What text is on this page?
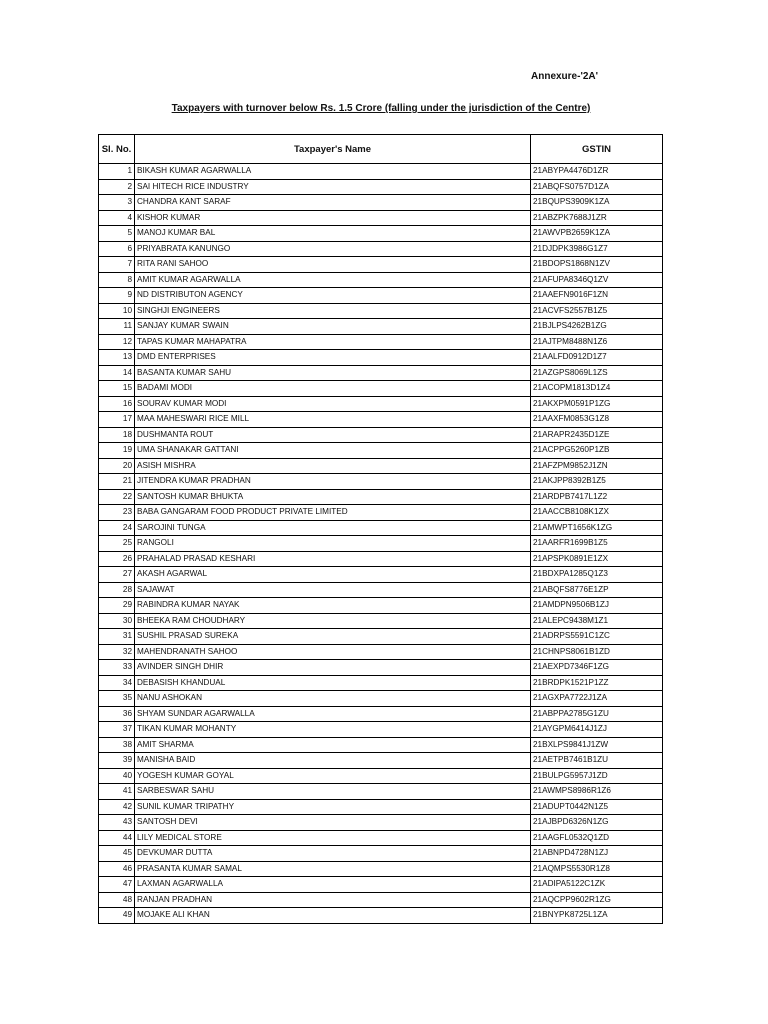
Annexure-'2A'
Taxpayers with turnover below Rs. 1.5 Crore (falling under the jurisdiction of the Centre)
Sl. No.	Taxpayer's Name	GSTIN
1	BIKASH KUMAR AGARWALLA	21ABYPA4476D1ZR
2	SAI HITECH RICE INDUSTRY	21ABQFS0757D1ZA
3	CHANDRA KANT SARAF	21BQUPS3909K1ZA
4	KISHOR KUMAR	21ABZPK7688J1ZR
5	MANOJ KUMAR BAL	21AWVPB2659K1ZA
6	PRIYABRATA KANUNGO	21DJDPK3986G1Z7
7	RITA RANI SAHOO	21BDOPS1868N1ZV
8	AMIT KUMAR AGARWALLA	21AFUPA8346Q1ZV
9	ND DISTRIBUTON AGENCY	21AAEFN9016F1ZN
10	SINGHJI ENGINEERS	21ACVFS2557B1Z5
11	SANJAY KUMAR SWAIN	21BJLPS4262B1ZG
12	TAPAS KUMAR MAHAPATRA	21AJTPM8488N1Z6
13	DMD ENTERPRISES	21AALFD0912D1Z7
14	BASANTA KUMAR SAHU	21AZGPS8069L1ZS
15	BADAMI MODI	21ACOPM1813D1Z4
16	SOURAV KUMAR MODI	21AKXPM0591P1ZG
17	MAA MAHESWARI RICE MILL	21AAXFM0853G1Z8
18	DUSHMANTA ROUT	21ARAPR2435D1ZE
19	UMA SHANAKAR GATTANI	21ACPPG5260P1ZB
20	ASISH MISHRA	21AFZPM9852J1ZN
21	JITENDRA KUMAR PRADHAN	21AKJPP8392B1Z5
22	SANTOSH KUMAR BHUKTA	21ARDPB7417L1Z2
23	BABA GANGARAM FOOD PRODUCT PRIVATE LIMITED	21AACCB8108K1ZX
24	SAROJINI TUNGA	21AMWPT1656K1ZG
25	RANGOLI	21AARFR1699B1Z5
26	PRAHALAD PRASAD KESHARI	21APSPK0891E1ZX
27	AKASH AGARWAL	21BDXPA1285Q1Z3
28	SAJAWAT	21ABQFS8776E1ZP
29	RABINDRA KUMAR NAYAK	21AMDPN9506B1ZJ
30	BHEEKA RAM CHOUDHARY	21ALEPC9438M1Z1
31	SUSHIL PRASAD SUREKA	21ADRPS5591C1ZC
32	MAHENDRANATH SAHOO	21CHNPS8061B1ZD
33	AVINDER SINGH DHIR	21AEXPD7346F1ZG
34	DEBASISH KHANDUAL	21BRDPK1521P1ZZ
35	NANU ASHOKAN	21AGXPA7722J1ZA
36	SHYAM SUNDAR AGARWALLA	21ABPPA2785G1ZU
37	TIKAN KUMAR MOHANTY	21AYGPM6414J1ZJ
38	AMIT SHARMA	21BXLPS9841J1ZW
39	MANISHA BAID	21AETPB7461B1ZU
40	YOGESH KUMAR GOYAL	21BULPG5957J1ZD
41	SARBESWAR SAHU	21AWMPS8986R1Z6
42	SUNIL KUMAR TRIPATHY	21ADUPT0442N1Z5
43	SANTOSH DEVI	21AJBPD6326N1ZG
44	LILY MEDICAL STORE	21AAGFL0532Q1ZD
45	DEVKUMAR DUTTA	21ABNPD4728N1ZJ
46	PRASANTA KUMAR SAMAL	21AQMPS5530R1Z8
47	LAXMAN AGARWALLA	21ADIPA5122C1ZK
48	RANJAN PRADHAN	21AQCPP9602R1ZG
49	MOJAKE ALI KHAN	21BNYPK8725L1ZA
